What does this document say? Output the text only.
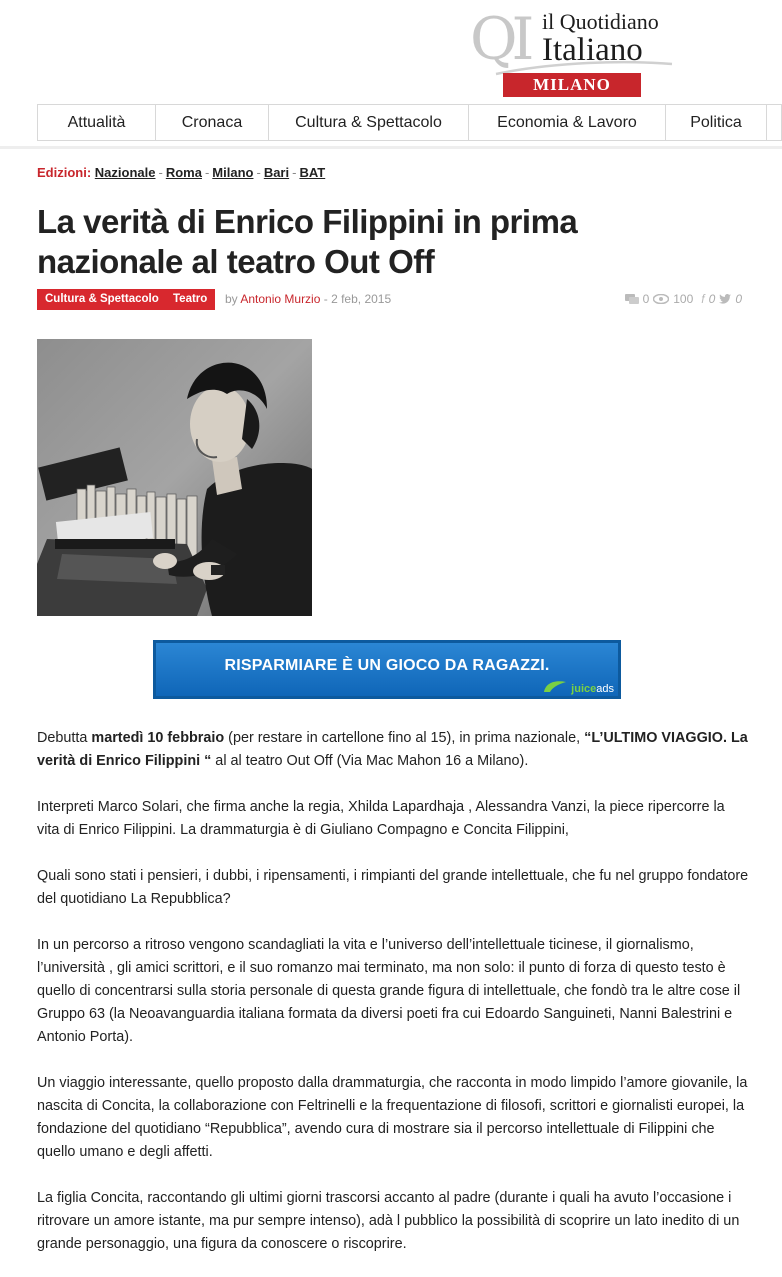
QI il Quotidiano
Italiano
MILANO
Attualità	Cronaca	Cultura & Spettacolo	Economia & Lavoro	Politica
Edizioni: Nazionale - Roma - Milano - Bari - BAT
La verità di Enrico Filippini in prima nazionale al teatro Out Off
Cultura & Spettacolo	Teatro	by Antonio Murzio - 2 feb, 2015	0 100 f 0 0
RISPARMIARE È UN GIOCO DA RAGAZZI.
juiceads

Debutta martedì 10 febbraio (per restare in cartellone fino al 15), in prima nazionale, “L’ULTIMO VIAGGIO. La verità di Enrico Filippini “ al al teatro Out Off (Via Mac Mahon 16 a Milano).

Interpreti Marco Solari, che firma anche la regia, Xhilda Lapardhaja , Alessandra Vanzi, la piece ripercorre la vita di Enrico Filippini. La drammaturgia è di Giuliano Compagno e Concita Filippini,

Quali sono stati i pensieri, i dubbi, i ripensamenti, i rimpianti del grande intellettuale, che fu nel gruppo fondatore del quotidiano La Repubblica?

In un percorso a ritroso vengono scandagliati la vita e l’universo dell’intellettuale ticinese, il giornalismo, l’università , gli amici scrittori, e il suo romanzo mai terminato, ma non solo: il punto di forza di questo testo è quello di concentrarsi sulla storia personale di questa grande figura di intellettuale, che fondò tra le altre cose il Gruppo 63 (la Neoavanguardia italiana formata da diversi poeti fra cui Edoardo Sanguineti, Nanni Balestrini e Antonio Porta).

Un viaggio interessante, quello proposto dalla drammaturgia, che racconta in modo limpido l’amore giovanile, la nascita di Concita, la collaborazione con Feltrinelli e la frequentazione di filosofi, scrittori e giornalisti europei, la fondazione del quotidiano “Repubblica”, avendo cura di mostrare sia il percorso intellettuale di Filippini che quello umano e degli affetti.

La figlia Concita, raccontando gli ultimi giorni trascorsi accanto al padre (durante i quali ha avuto l’occasione i ritrovare un amore istante, ma pur sempre intenso), adà l pubblico la possibilità di scoprire un lato inedito di un grande personaggio, una figura da conoscere o riscoprire.
